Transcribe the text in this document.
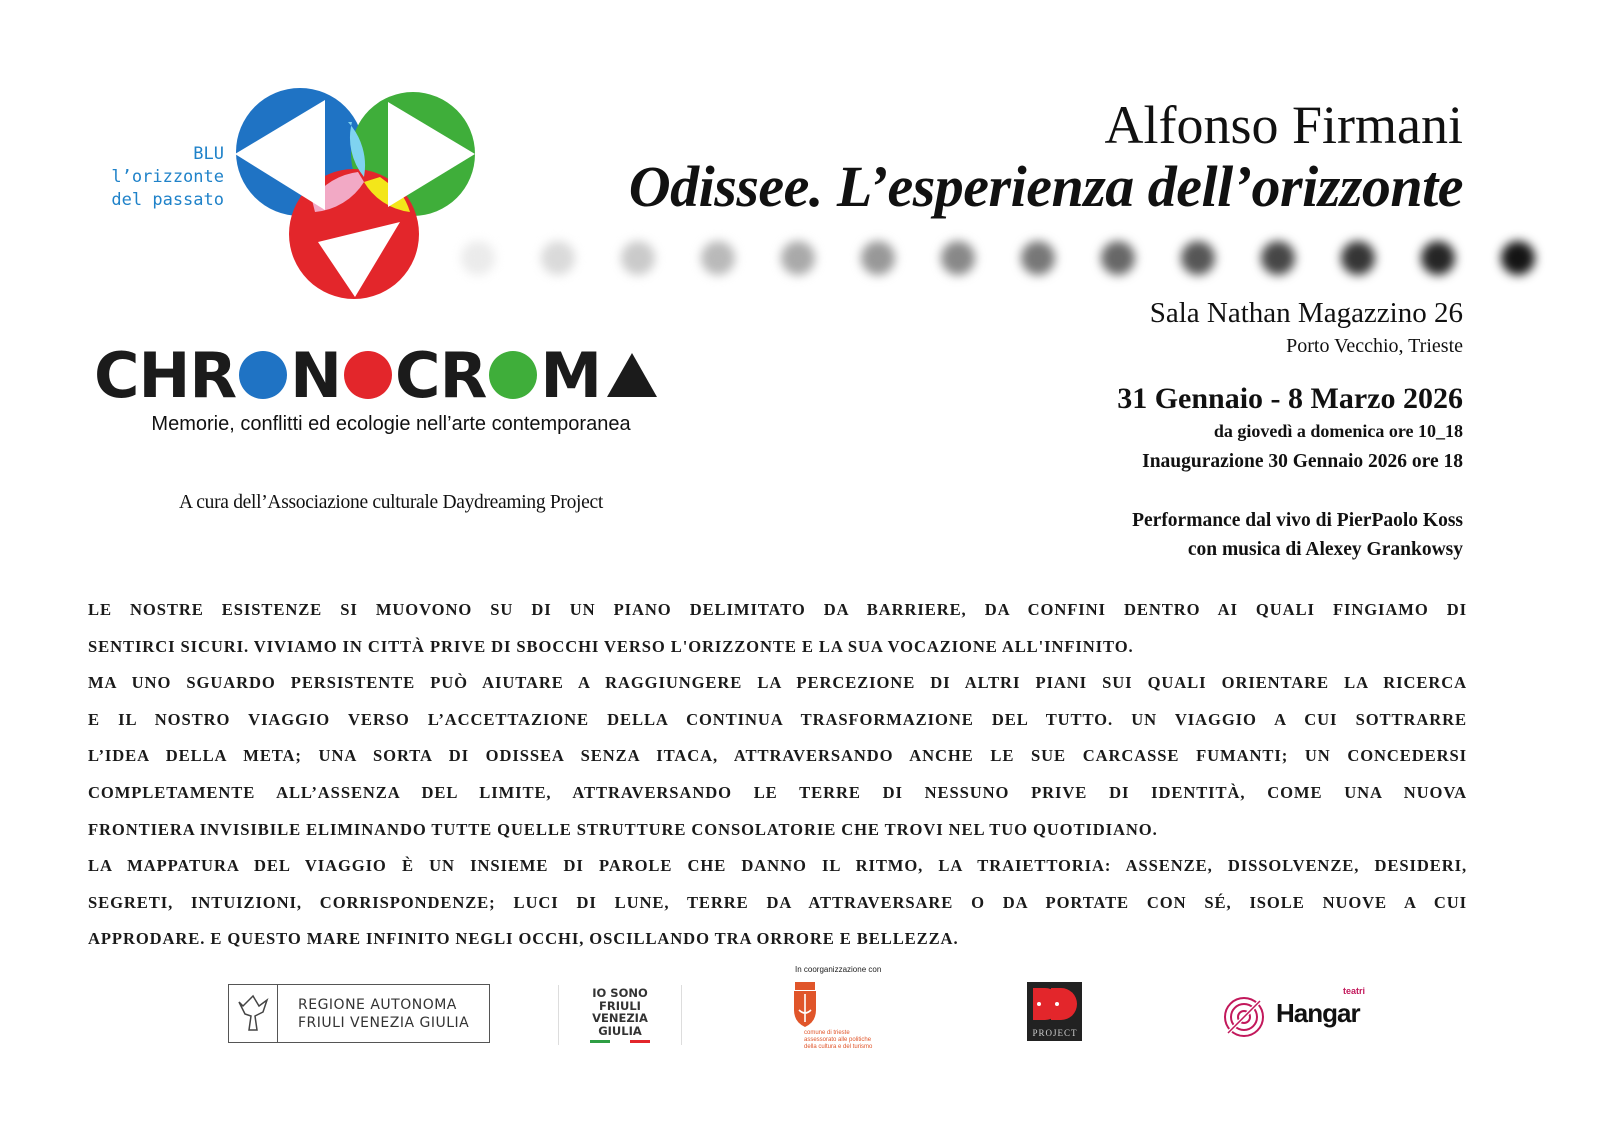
BLU
l’orizzonte
del passato
C H R N C R M
Memorie, conflitti ed ecologie nell’arte contemporanea
A cura dell’Associazione culturale Daydreaming Project
Alfonso Firmani
Odissee. L’esperienza dell’orizzonte
Sala Nathan Magazzino 26
Porto Vecchio, Trieste
31 Gennaio - 8 Marzo 2026
da giovedì a domenica ore 10_18
Inaugurazione 30 Gennaio 2026 ore 18
Performance dal vivo di PierPaolo Koss
con musica di Alexey Grankowsy
LE NOSTRE ESISTENZE SI MUOVONO SU DI UN PIANO DELIMITATO DA BARRIERE, DA CONFINI DENTRO AI QUALI FINGIAMO DI
SENTIRCI SICURI. VIVIAMO IN CITTÀ PRIVE DI SBOCCHI VERSO L'ORIZZONTE E LA SUA VOCAZIONE ALL'INFINITO.
MA UNO SGUARDO PERSISTENTE PUÒ AIUTARE A RAGGIUNGERE LA PERCEZIONE DI ALTRI PIANI SUI QUALI ORIENTARE LA RICERCA
E IL NOSTRO VIAGGIO VERSO L’ACCETTAZIONE DELLA CONTINUA TRASFORMAZIONE DEL TUTTO. UN VIAGGIO A CUI SOTTRARRE
L’IDEA DELLA META; UNA SORTA DI ODISSEA SENZA ITACA, ATTRAVERSANDO ANCHE LE SUE CARCASSE FUMANTI; UN CONCEDERSI
COMPLETAMENTE ALL’ASSENZA DEL LIMITE, ATTRAVERSANDO LE TERRE DI NESSUNO PRIVE DI IDENTITÀ, COME UNA NUOVA
FRONTIERA INVISIBILE ELIMINANDO TUTTE QUELLE STRUTTURE CONSOLATORIE CHE TROVI NEL TUO QUOTIDIANO.
LA MAPPATURA DEL VIAGGIO È UN INSIEME DI PAROLE CHE DANNO IL RITMO, LA TRAIETTORIA: ASSENZE, DISSOLVENZE, DESIDERI,
SEGRETI, INTUIZIONI, CORRISPONDENZE; LUCI DI LUNE, TERRE DA ATTRAVERSARE O DA PORTATE CON SÉ, ISOLE NUOVE A CUI
APPRODARE. E QUESTO MARE INFINITO NEGLI OCCHI, OSCILLANDO TRA ORRORE E BELLEZZA.
REGIONE AUTONOMA
FRIULI VENEZIA GIULIA
IO SONO
FRIULI
VENEZIA
GIULIA
In coorganizzazione con
comune di trieste
assessorato alle politiche
della cultura e del turismo
PROJECT
teatri
Hangar
